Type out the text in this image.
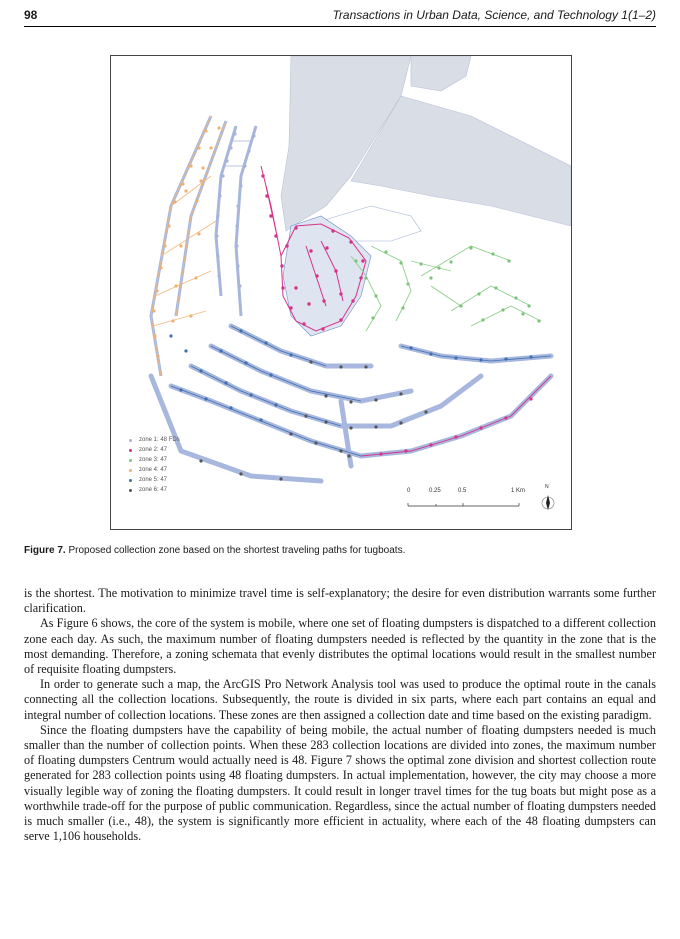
98	Transactions in Urban Data, Science, and Technology 1(1–2)
zone 1: 48 FDs
zone 2: 47
zone 3: 47
zone 4: 47
zone 5: 47
zone 6: 47	0	0.25	0.5	1 Km
N
Figure 7. Proposed collection zone based on the shortest traveling paths for tugboats.

is the shortest. The motivation to minimize travel time is self-explanatory; the desire for even distribution warrants some further clarification.

As Figure 6 shows, the core of the system is mobile, where one set of floating dumpsters is dispatched to a different collection zone each day. As such, the maximum number of floating dumpsters needed is reflected by the quantity in the zone that is the most demanding. Therefore, a zoning schemata that evenly distributes the optimal locations would result in the smallest number of requisite floating dumpsters.

In order to generate such a map, the ArcGIS Pro Network Analysis tool was used to produce the optimal route in the canals connecting all the collection locations. Subsequently, the route is divided in six parts, where each part contains an equal and integral number of collection locations. These zones are then assigned a collection date and time based on the existing paradigm.

Since the floating dumpsters have the capability of being mobile, the actual number of floating dumpsters needed is much smaller than the number of collection points. When these 283 collection locations are divided into zones, the maximum number of floating dumpsters Centrum would actually need is 48. Figure 7 shows the optimal zone division and shortest collection route generated for 283 collection points using 48 floating dumpsters. In actual implementation, however, the city may choose a more visually legible way of zoning the floating dumpsters. It could result in longer travel times for the tug boats but might pose as a worthwhile trade-off for the purpose of public communication. Regardless, since the actual number of floating dumpsters needed is much smaller (i.e., 48), the system is significantly more efficient in actuality, where each of the 48 floating dumpsters can serve 1,106 households.
